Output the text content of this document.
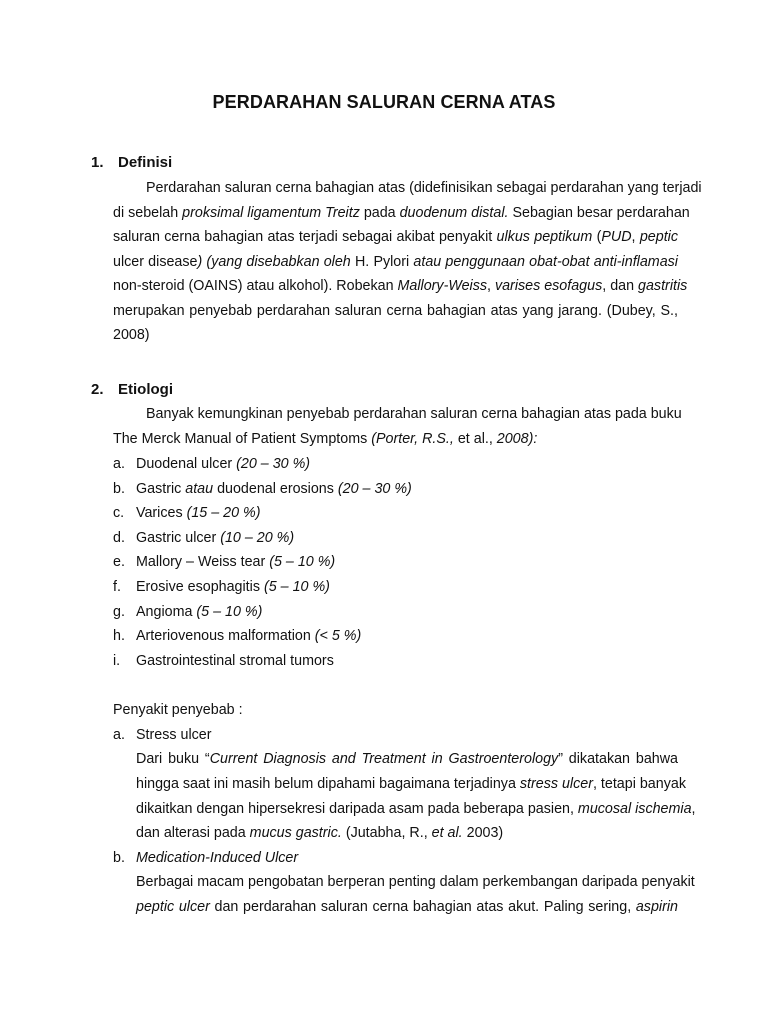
PERDARAHAN SALURAN CERNA ATAS
1. Definisi
2. Etiologi
Perdarahan saluran cerna bahagian atas (didefinisikan sebagai perdarahan yang terjadi
di sebelah proksimal ligamentum Treitz pada duodenum distal. Sebagian besar perdarahan
saluran cerna bahagian atas terjadi sebagai akibat penyakit ulkus peptikum (PUD, peptic
ulcer disease) (yang disebabkan oleh H. Pylori atau penggunaan obat-obat anti-inflamasi
non-steroid (OAINS) atau alkohol). Robekan Mallory-Weiss, varises esofagus, dan gastritis
merupakan penyebab perdarahan saluran cerna bahagian atas yang jarang. (Dubey, S.,
2008)
Banyak kemungkinan penyebab perdarahan saluran cerna bahagian atas pada buku
The Merck Manual of Patient Symptoms (Porter, R.S., et al., 2008):
a. Duodenal ulcer (20 – 30 %)
b. Gastric atau duodenal erosions (20 – 30 %)
c. Varices (15 – 20 %)
d. Gastric ulcer (10 – 20 %)
e. Mallory – Weiss tear (5 – 10 %)
f. Erosive esophagitis (5 – 10 %)
g. Angioma (5 – 10 %)
h. Arteriovenous malformation (< 5 %)
i. Gastrointestinal stromal tumors
Penyakit penyebab :
a. Stress ulcer
Dari buku “Current Diagnosis and Treatment in Gastroenterology” dikatakan bahwa
hingga saat ini masih belum dipahami bagaimana terjadinya stress ulcer, tetapi banyak
dikaitkan dengan hipersekresi daripada asam pada beberapa pasien, mucosal ischemia,
dan alterasi pada mucus gastric. (Jutabha, R., et al. 2003)
b. Medication-Induced Ulcer
Berbagai macam pengobatan berperan penting dalam perkembangan daripada penyakit
peptic ulcer dan perdarahan saluran cerna bahagian atas akut. Paling sering, aspirin
